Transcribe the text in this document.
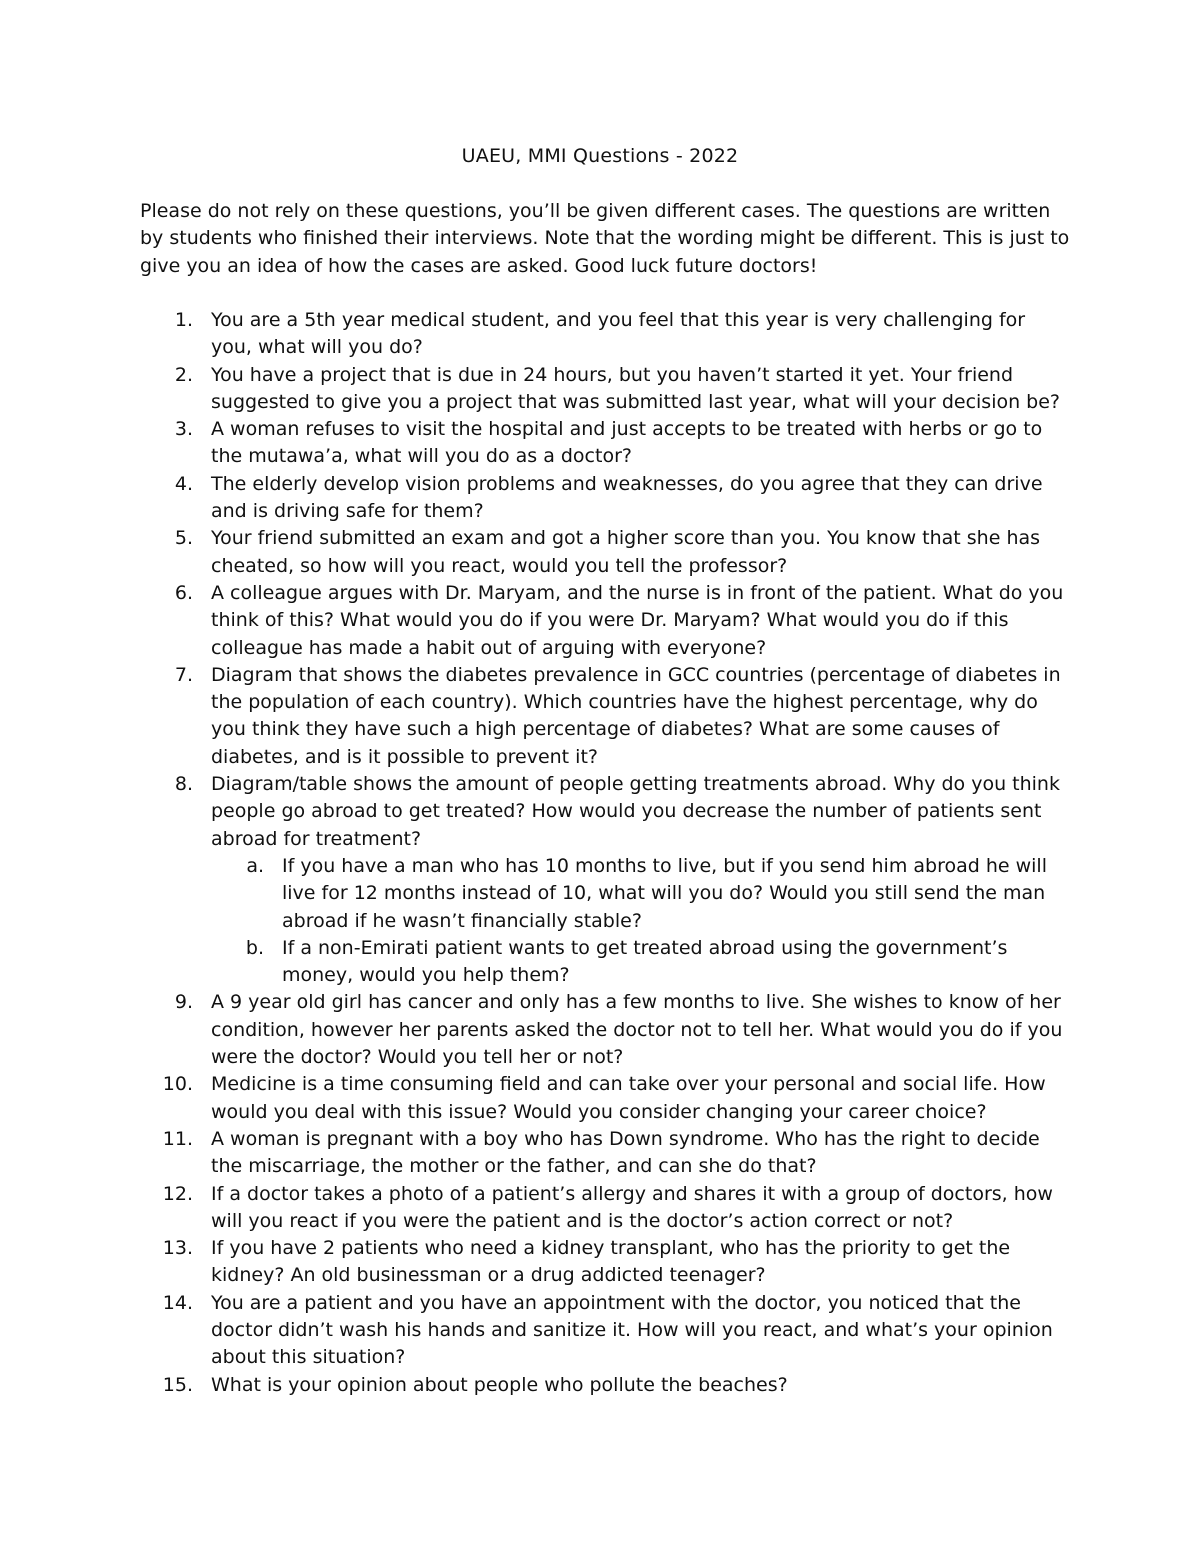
UAEU, MMI Questions - 2022

Please do not rely on these questions, you’ll be given different cases. The questions are written by students who finished their interviews. Note that the wording might be different. This is just to give you an idea of how the cases are asked. Good luck future doctors!

1. You are a 5th year medical student, and you feel that this year is very challenging for you, what will you do?
2. You have a project that is due in 24 hours, but you haven’t started it yet. Your friend suggested to give you a project that was submitted last year, what will your decision be?
3. A woman refuses to visit the hospital and just accepts to be treated with herbs or go to the mutawa’a, what will you do as a doctor?
4. The elderly develop vision problems and weaknesses, do you agree that they can drive and is driving safe for them?
5. Your friend submitted an exam and got a higher score than you. You know that she has cheated, so how will you react, would you tell the professor?
6. A colleague argues with Dr. Maryam, and the nurse is in front of the patient. What do you think of this? What would you do if you were Dr. Maryam? What would you do if this colleague has made a habit out of arguing with everyone?
7. Diagram that shows the diabetes prevalence in GCC countries (percentage of diabetes in the population of each country). Which countries have the highest percentage, why do you think they have such a high percentage of diabetes? What are some causes of diabetes, and is it possible to prevent it?
8. Diagram/table shows the amount of people getting treatments abroad. Why do you think people go abroad to get treated? How would you decrease the number of patients sent abroad for treatment?
a. If you have a man who has 10 months to live, but if you send him abroad he will live for 12 months instead of 10, what will you do? Would you still send the man abroad if he wasn’t financially stable?
b. If a non-Emirati patient wants to get treated abroad using the government’s money, would you help them?
9. A 9 year old girl has cancer and only has a few months to live. She wishes to know of her condition, however her parents asked the doctor not to tell her. What would you do if you were the doctor? Would you tell her or not?
10. Medicine is a time consuming field and can take over your personal and social life. How would you deal with this issue? Would you consider changing your career choice?
11. A woman is pregnant with a boy who has Down syndrome. Who has the right to decide the miscarriage, the mother or the father, and can she do that?
12. If a doctor takes a photo of a patient’s allergy and shares it with a group of doctors, how will you react if you were the patient and is the doctor’s action correct or not?
13. If you have 2 patients who need a kidney transplant, who has the priority to get the kidney? An old businessman or a drug addicted teenager?
14. You are a patient and you have an appointment with the doctor, you noticed that the doctor didn’t wash his hands and sanitize it. How will you react, and what’s your opinion about this situation?
15. What is your opinion about people who pollute the beaches?
